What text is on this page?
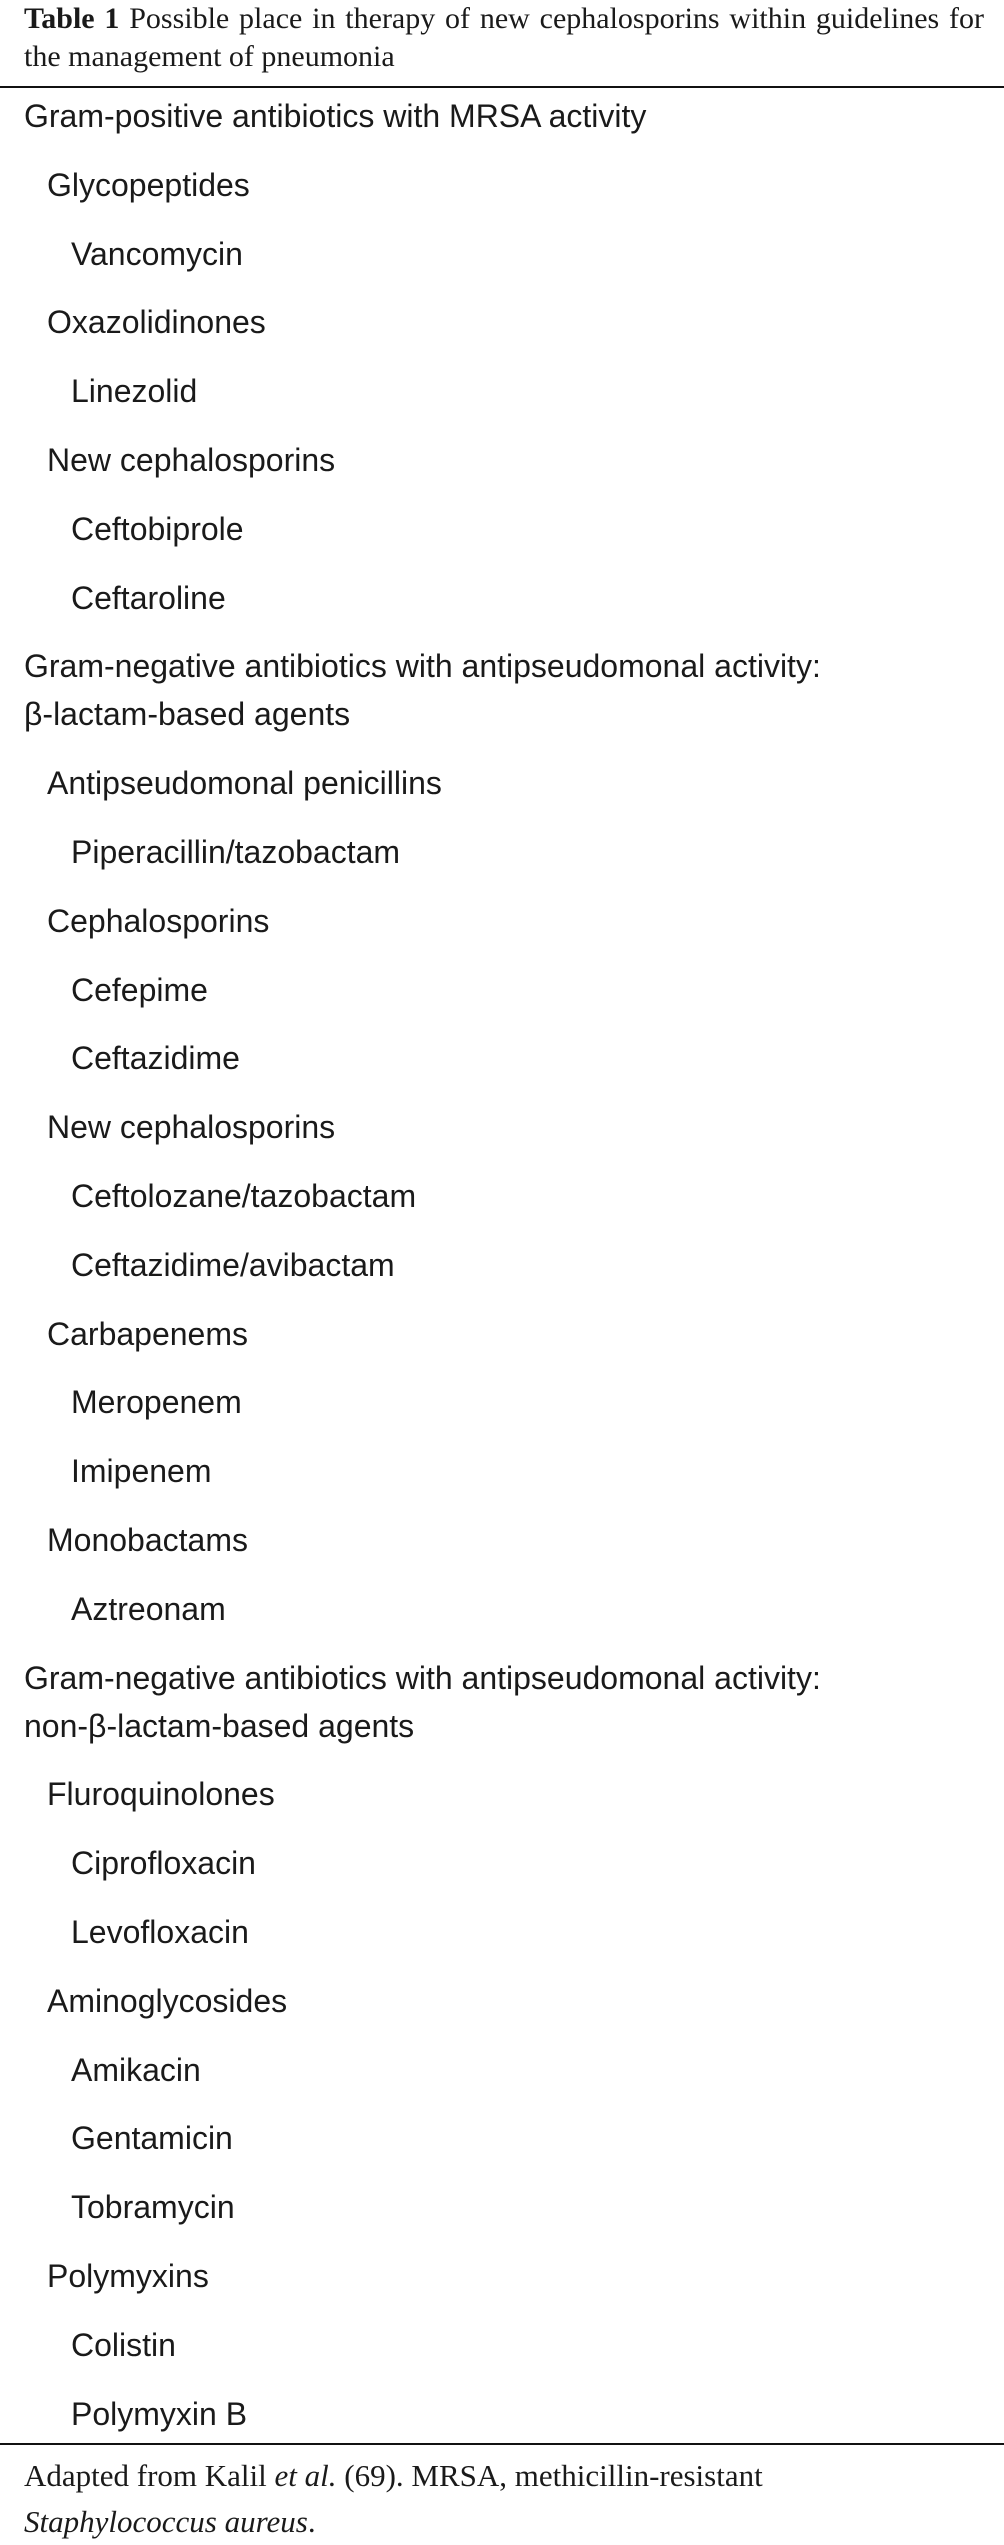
Table 1 Possible place in therapy of new cephalosporins within guidelines for the management of pneumonia
Gram-positive antibiotics with MRSA activity
Glycopeptides
Vancomycin
Oxazolidinones
Linezolid
New cephalosporins
Ceftobiprole
Ceftaroline
Gram-negative antibiotics with antipseudomonal activity:
β-lactam-based agents
Antipseudomonal penicillins
Piperacillin/tazobactam
Cephalosporins
Cefepime
Ceftazidime
New cephalosporins
Ceftolozane/tazobactam
Ceftazidime/avibactam
Carbapenems
Meropenem
Imipenem
Monobactams
Aztreonam
Gram-negative antibiotics with antipseudomonal activity:
non-β-lactam-based agents
Fluroquinolones
Ciprofloxacin
Levofloxacin
Aminoglycosides
Amikacin
Gentamicin
Tobramycin
Polymyxins
Colistin
Polymyxin B
Adapted from Kalil et al. (69). MRSA, methicillin-resistant
Staphylococcus aureus.
